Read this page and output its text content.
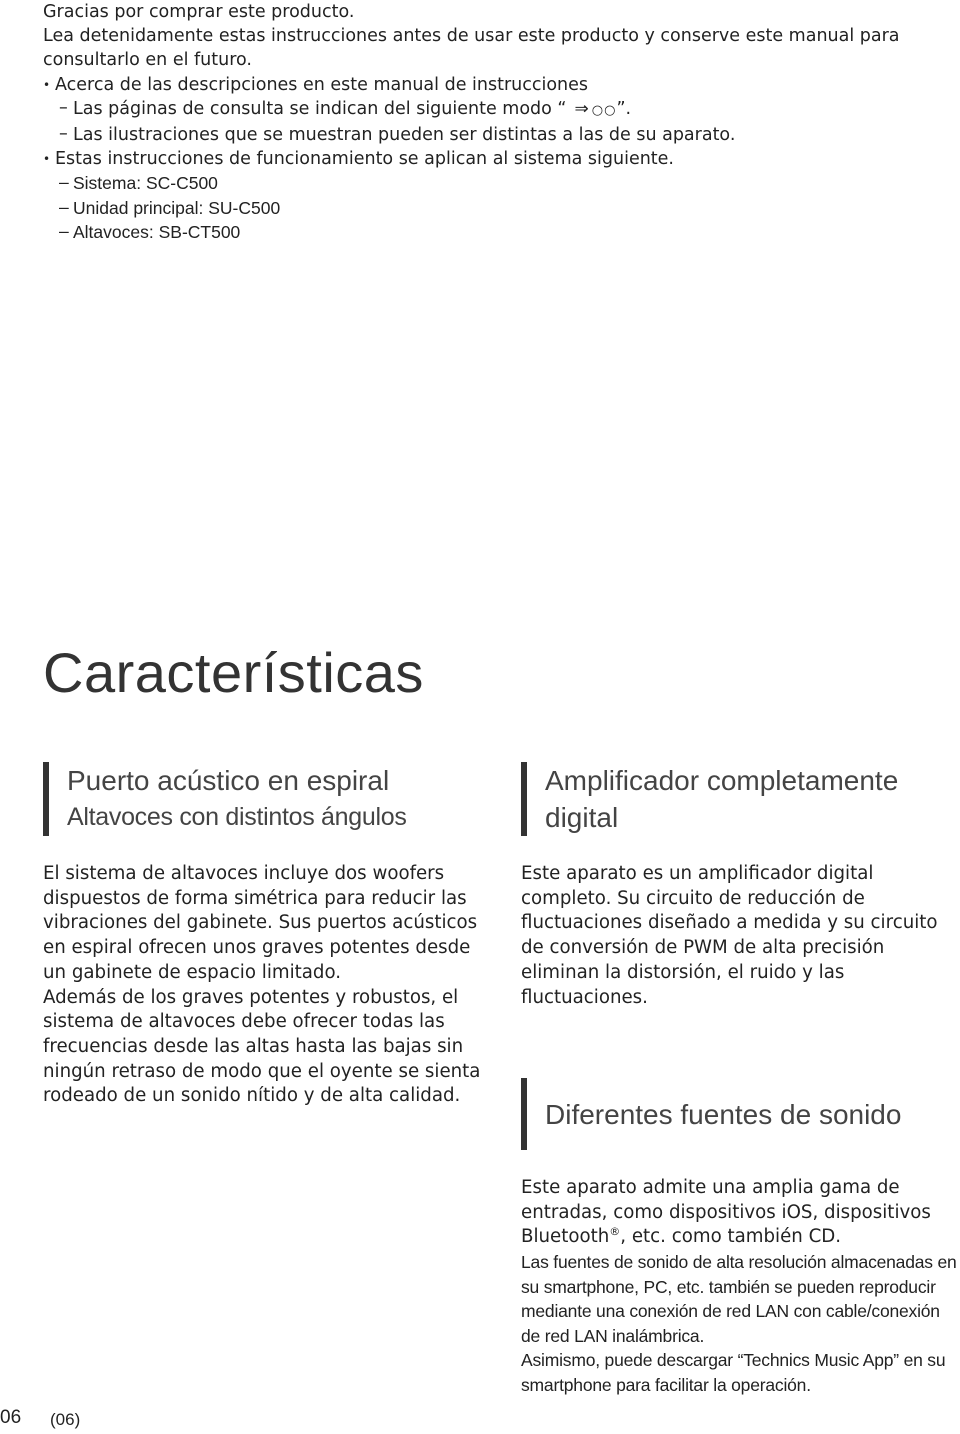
Gracias por comprar este producto.

Lea detenidamente estas instrucciones antes de usar este producto y conserve este manual para consultarlo en el futuro.

• Acerca de las descripciones en este manual de instrucciones

– Las páginas de consulta se indican del siguiente modo “ ⇒ ○○”.

– Las ilustraciones que se muestran pueden ser distintas a las de su aparato.

• Estas instrucciones de funcionamiento se aplican al sistema siguiente.

– Sistema: SC-C500

– Unidad principal: SU-C500

– Altavoces: SB-CT500

Características
Puerto acústico en espiral
Altavoces con distintos ángulos

El sistema de altavoces incluye dos woofers dispuestos de forma simétrica para reducir las vibraciones del gabinete. Sus puertos acústicos en espiral ofrecen unos graves potentes desde un gabinete de espacio limitado.

Además de los graves potentes y robustos, el sistema de altavoces debe ofrecer todas las frecuencias desde las altas hasta las bajas sin ningún retraso de modo que el oyente se sienta rodeado de un sonido nítido y de alta calidad.

Amplificador completamente
digital

Este aparato es un amplificador digital completo. Su circuito de reducción de fluctuaciones diseñado a medida y su circuito de conversión de PWM de alta precisión eliminan la distorsión, el ruido y las fluctuaciones.

Diferentes fuentes de sonido

Este aparato admite una amplia gama de entradas, como dispositivos iOS, dispositivos Bluetooth®, etc. como también CD.

Las fuentes de sonido de alta resolución almacenadas en su smartphone, PC, etc. también se pueden reproducir mediante una conexión de red LAN con cable/conexión de red LAN inalámbrica.

Asimismo, puede descargar “Technics Music App” en su smartphone para facilitar la operación.

06 (06)
